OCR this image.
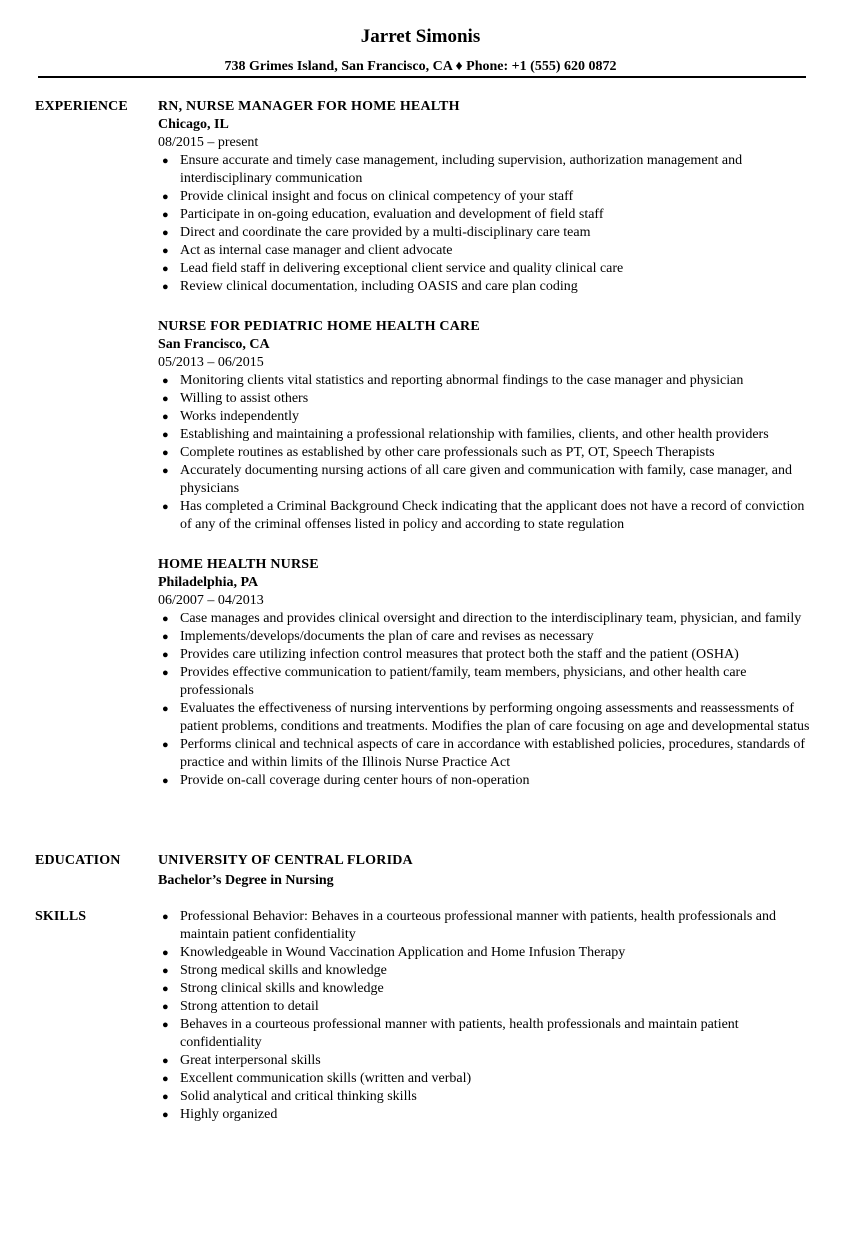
Jarret Simonis
738 Grimes Island, San Francisco, CA ♦ Phone: +1 (555) 620 0872
EXPERIENCE RN, NURSE MANAGER FOR HOME HEALTH
Chicago, IL
08/2015 – present
● Ensure accurate and timely case management, including supervision, authorization management and interdisciplinary communication
● Provide clinical insight and focus on clinical competency of your staff
● Participate in on-going education, evaluation and development of field staff
● Direct and coordinate the care provided by a multi-disciplinary care team
● Act as internal case manager and client advocate
● Lead field staff in delivering exceptional client service and quality clinical care
● Review clinical documentation, including OASIS and care plan coding
NURSE FOR PEDIATRIC HOME HEALTH CARE
San Francisco, CA
05/2013 – 06/2015
● Monitoring clients vital statistics and reporting abnormal findings to the case manager and physician
● Willing to assist others
● Works independently
● Establishing and maintaining a professional relationship with families, clients, and other health providers
● Complete routines as established by other care professionals such as PT, OT, Speech Therapists
● Accurately documenting nursing actions of all care given and communication with family, case manager, and physicians
● Has completed a Criminal Background Check indicating that the applicant does not have a record of conviction of any of the criminal offenses listed in policy and according to state regulation
HOME HEALTH NURSE
Philadelphia, PA
06/2007 – 04/2013
● Case manages and provides clinical oversight and direction to the interdisciplinary team, physician, and family
● Implements/develops/documents the plan of care and revises as necessary
● Provides care utilizing infection control measures that protect both the staff and the patient (OSHA)
● Provides effective communication to patient/family, team members, physicians, and other health care professionals
● Evaluates the effectiveness of nursing interventions by performing ongoing assessments and reassessments of patient problems, conditions and treatments. Modifies the plan of care focusing on age and developmental status
● Performs clinical and technical aspects of care in accordance with established policies, procedures, standards of practice and within limits of the Illinois Nurse Practice Act
● Provide on-call coverage during center hours of non-operation
EDUCATION	UNIVERSITY OF CENTRAL FLORIDA
Bachelor’s Degree in Nursing
SKILLS	● Professional Behavior: Behaves in a courteous professional manner with patients, health professionals and maintain patient confidentiality
● Knowledgeable in Wound Vaccination Application and Home Infusion Therapy
● Strong medical skills and knowledge
● Strong clinical skills and knowledge
● Strong attention to detail
● Behaves in a courteous professional manner with patients, health professionals and maintain patient confidentiality
● Great interpersonal skills
● Excellent communication skills (written and verbal)
● Solid analytical and critical thinking skills
● Highly organized
